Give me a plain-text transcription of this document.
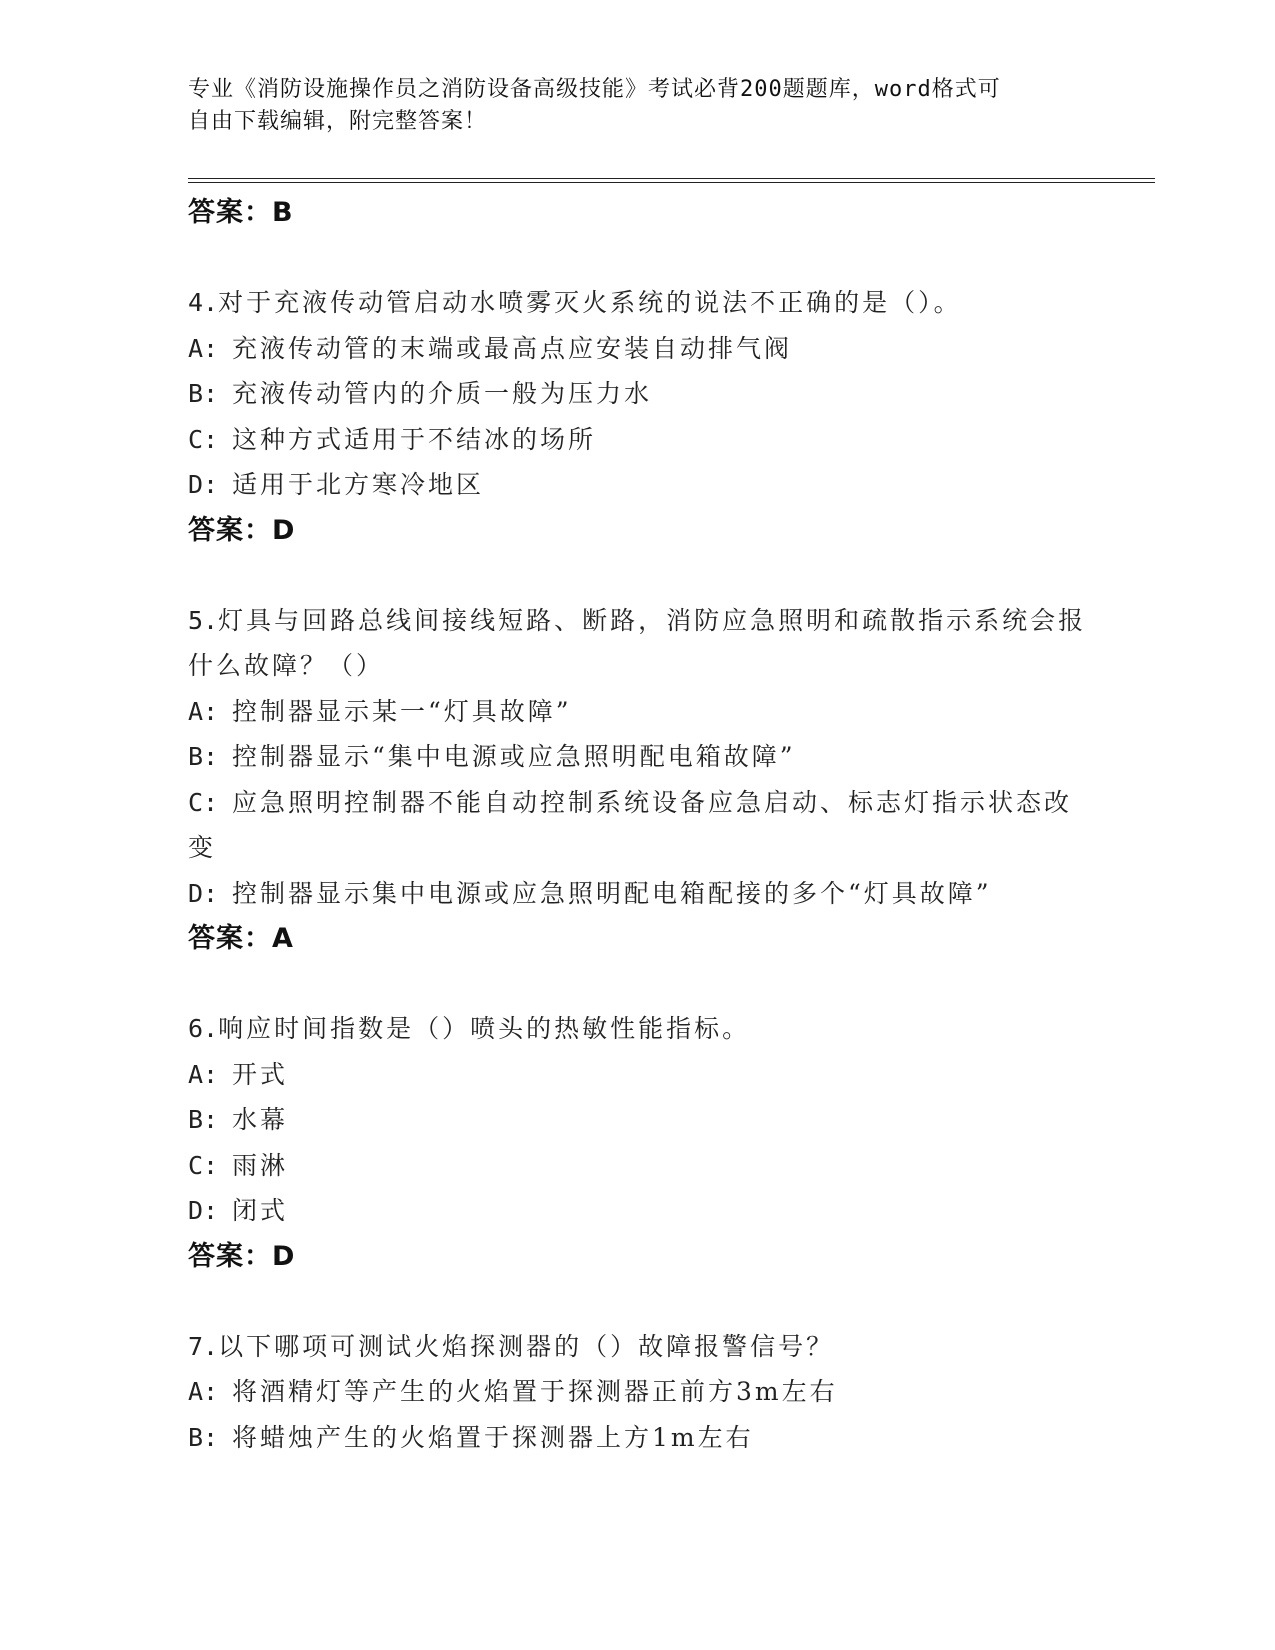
专业《消防设施操作员之消防设备高级技能》考试必背200题题库，word格式可
自由下载编辑，附完整答案！
答案：B
4.对于充液传动管启动水喷雾灭火系统的说法不正确的是（）。
A: 充液传动管的末端或最高点应安装自动排气阀
B: 充液传动管内的介质一般为压力水
C: 这种方式适用于不结冰的场所
D: 适用于北方寒冷地区
答案：D
5.灯具与回路总线间接线短路、断路，消防应急照明和疏散指示系统会报什么故障？（）
A: 控制器显示某一“灯具故障”
B: 控制器显示“集中电源或应急照明配电箱故障”
C: 应急照明控制器不能自动控制系统设备应急启动、标志灯指示状态改变
D: 控制器显示集中电源或应急照明配电箱配接的多个“灯具故障”
答案：A
6.响应时间指数是（）喷头的热敏性能指标。
A: 开式
B: 水幕
C: 雨淋
D: 闭式
答案：D
7.以下哪项可测试火焰探测器的（）故障报警信号？
A: 将酒精灯等产生的火焰置于探测器正前方3m左右
B: 将蜡烛产生的火焰置于探测器上方1m左右
